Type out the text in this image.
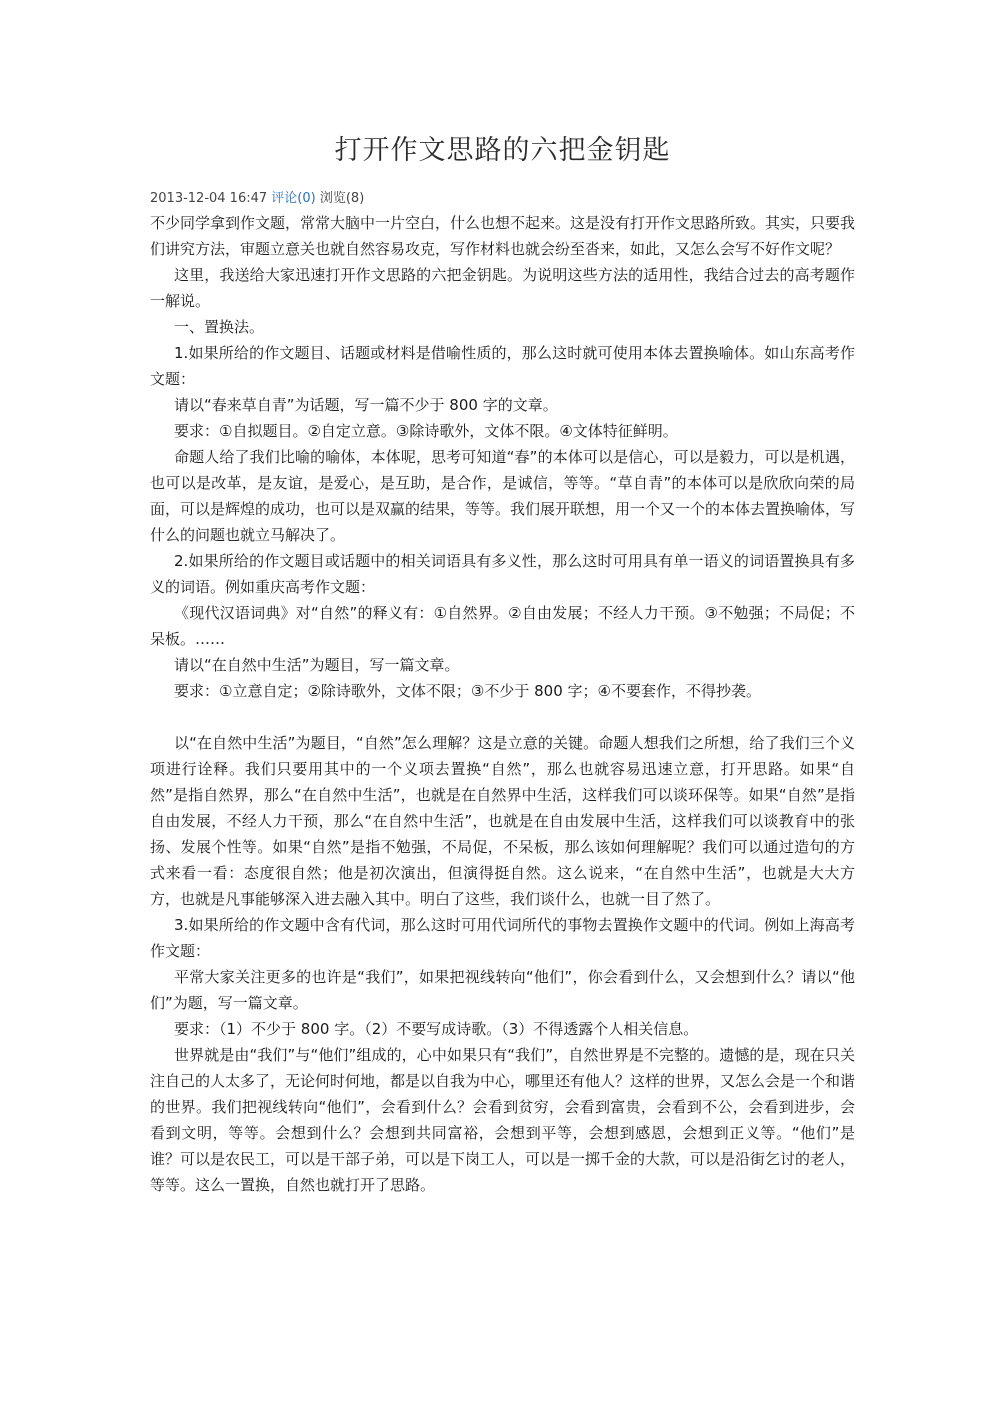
打开作文思路的六把金钥匙
2013-12-04 16:47 评论(0) 浏览(8)

不少同学拿到作文题，常常大脑中一片空白，什么也想不起来。这是没有打开作文思路所致。其实，只要我们讲究方法，审题立意关也就自然容易攻克，写作材料也就会纷至沓来，如此，又怎么会写不好作文呢？

这里，我送给大家迅速打开作文思路的六把金钥匙。为说明这些方法的适用性，我结合过去的高考题作一解说。

一、置换法。

1.如果所给的作文题目、话题或材料是借喻性质的，那么这时就可使用本体去置换喻体。如山东高考作文题：

请以“春来草自青”为话题，写一篇不少于 800 字的文章。

要求：①自拟题目。②自定立意。③除诗歌外，文体不限。④文体特征鲜明。

命题人给了我们比喻的喻体，本体呢，思考可知道“春”的本体可以是信心，可以是毅力，可以是机遇，也可以是改革，是友谊，是爱心，是互助，是合作，是诚信，等等。“草自青”的本体可以是欣欣向荣的局面，可以是辉煌的成功，也可以是双赢的结果，等等。我们展开联想，用一个又一个的本体去置换喻体，写什么的问题也就立马解决了。

2.如果所给的作文题目或话题中的相关词语具有多义性，那么这时可用具有单一语义的词语置换具有多义的词语。例如重庆高考作文题：

《现代汉语词典》对“自然”的释义有：①自然界。②自由发展；不经人力干预。③不勉强；不局促；不呆板。……

请以“在自然中生活”为题目，写一篇文章。

要求：①立意自定；②除诗歌外，文体不限；③不少于 800 字；④不要套作，不得抄袭。

以“在自然中生活”为题目，“自然”怎么理解？这是立意的关键。命题人想我们之所想，给了我们三个义项进行诠释。我们只要用其中的一个义项去置换“自然”，那么也就容易迅速立意，打开思路。如果“自然”是指自然界，那么“在自然中生活”，也就是在自然界中生活，这样我们可以谈环保等。如果“自然”是指自由发展，不经人力干预，那么“在自然中生活”，也就是在自由发展中生活，这样我们可以谈教育中的张扬、发展个性等。如果“自然”是指不勉强，不局促，不呆板，那么该如何理解呢？我们可以通过造句的方式来看一看：态度很自然；他是初次演出，但演得挺自然。这么说来，“在自然中生活”，也就是大大方方，也就是凡事能够深入进去融入其中。明白了这些，我们谈什么，也就一目了然了。

3.如果所给的作文题中含有代词，那么这时可用代词所代的事物去置换作文题中的代词。例如上海高考作文题：

平常大家关注更多的也许是“我们”，如果把视线转向“他们”，你会看到什么，又会想到什么？请以“他们”为题，写一篇文章。

要求：（1）不少于 800 字。（2）不要写成诗歌。（3）不得透露个人相关信息。

世界就是由“我们”与“他们”组成的，心中如果只有“我们”，自然世界是不完整的。遗憾的是，现在只关注自己的人太多了，无论何时何地，都是以自我为中心，哪里还有他人？这样的世界，又怎么会是一个和谐的世界。我们把视线转向“他们”，会看到什么？会看到贫穷，会看到富贵，会看到不公，会看到进步，会看到文明，等等。会想到什么？会想到共同富裕，会想到平等，会想到感恩，会想到正义等。“他们”是谁？可以是农民工，可以是干部子弟，可以是下岗工人，可以是一掷千金的大款，可以是沿街乞讨的老人，等等。这么一置换，自然也就打开了思路。
